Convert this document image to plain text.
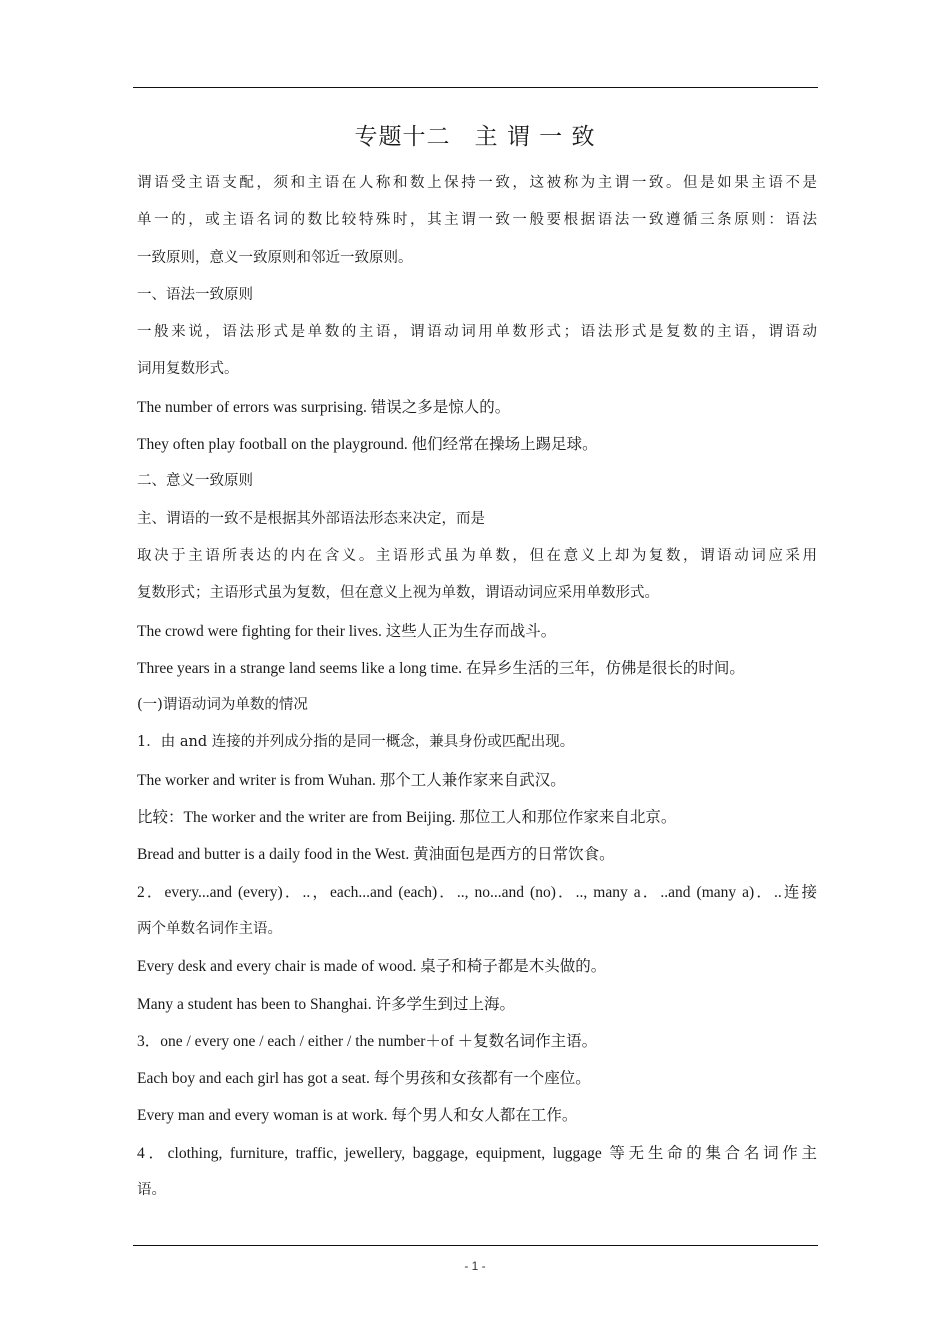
专题十二　主 谓 一 致
谓语受主语支配，须和主语在人称和数上保持一致，这被称为主谓一致。但是如果主语不是
单一的，或主语名词的数比较特殊时，其主谓一致一般要根据语法一致遵循三条原则：语法
一致原则，意义一致原则和邻近一致原则。
一、语法一致原则
一般来说，语法形式是单数的主语，谓语动词用单数形式；语法形式是复数的主语，谓语动
词用复数形式。
The number of errors was surprising. 错误之多是惊人的。
They often play football on the playground. 他们经常在操场上踢足球。
二、意义一致原则
主、谓语的一致不是根据其外部语法形态来决定，而是
取决于主语所表达的内在含义。主语形式虽为单数，但在意义上却为复数，谓语动词应采用
复数形式；主语形式虽为复数，但在意义上视为单数，谓语动词应采用单数形式。
The crowd were fighting for their lives. 这些人正为生存而战斗。
Three years in a strange land seems like a long time. 在异乡生活的三年，仿佛是很长的时间。
(一)谓语动词为单数的情况
1．由 and 连接的并列成分指的是同一概念，兼具身份或匹配出现。
The worker and writer is from Wuhan. 那个工人兼作家来自武汉。
比较：The worker and the writer are from Beijing. 那位工人和那位作家来自北京。
Bread and butter is a daily food in the West. 黄油面包是西方的日常饮食。
2．every...and (every)．..，each...and (each)．.., no...and (no)．.., many a．..and (many a)．..连接
两个单数名词作主语。
Every desk and every chair is made of wood. 桌子和椅子都是木头做的。
Many a student has been to Shanghai. 许多学生到过上海。
3．one / every one / each / either / the number＋of ＋复数名词作主语。
Each boy and each girl has got a seat. 每个男孩和女孩都有一个座位。
Every man and every woman is at work. 每个男人和女人都在工作。
4．clothing, furniture, traffic, jewellery, baggage, equipment, luggage 等无生命的集合名词作主
语。
- 1 -
